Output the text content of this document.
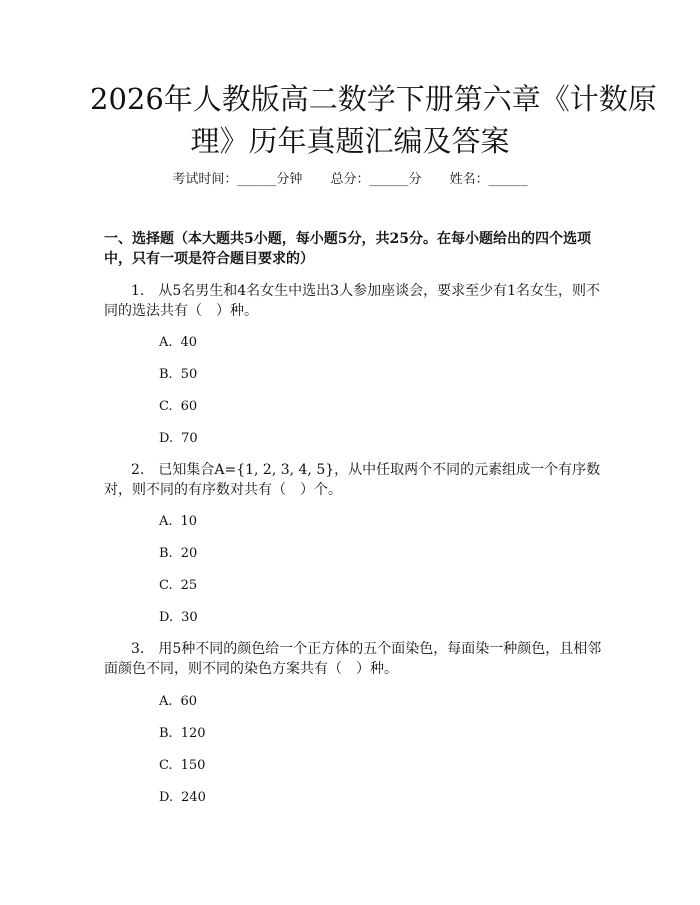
2026年人教版高二数学下册第六章《计数原
理》历年真题汇编及答案
考试时间：______分钟 总分：______分 姓名：______
一、选择题（本大题共5小题，每小题5分，共25分。在每小题给出的四个选项中，只有一项是符合题目要求的）
1.　从5名男生和4名女生中选出3人参加座谈会，要求至少有1名女生，则不同的选法共有（　）种。
A. 40
B. 50
C. 60
D. 70
2.　已知集合A={1, 2, 3, 4, 5}，从中任取两个不同的元素组成一个有序数对，则不同的有序数对共有（　）个。
A. 10
B. 20
C. 25
D. 30
3.　用5种不同的颜色给一个正方体的五个面染色，每面染一种颜色，且相邻面颜色不同，则不同的染色方案共有（　）种。
A. 60
B. 120
C. 150
D. 240
